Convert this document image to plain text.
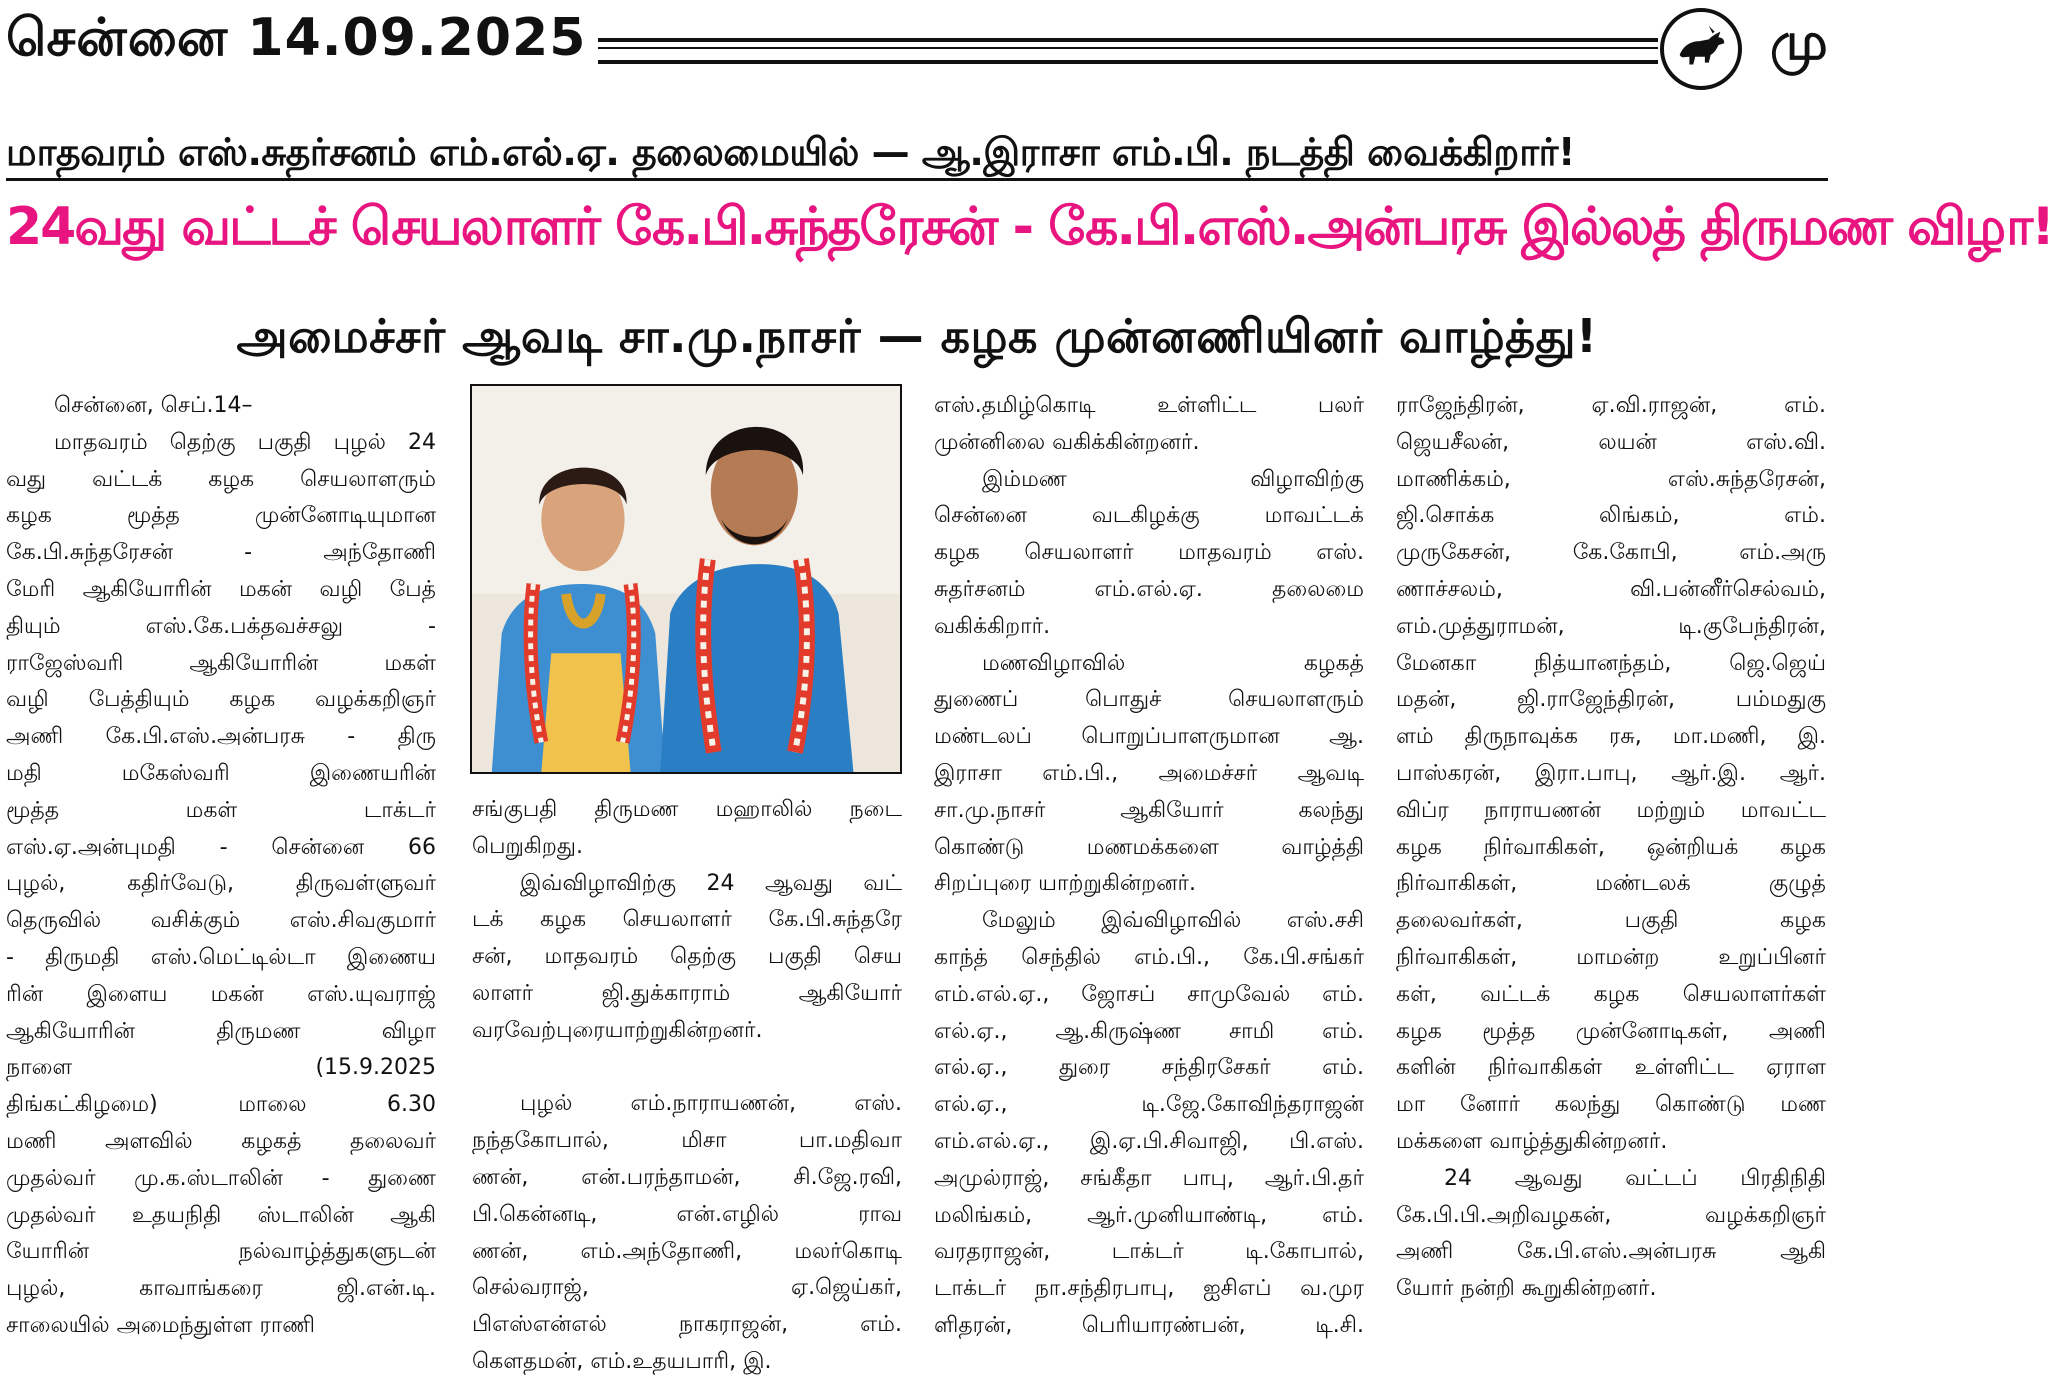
சென்னை 14.09.2025	மு
மாதவரம் எஸ்.சுதர்சனம் எம்.எல்.ஏ. தலைமையில் — ஆ.இராசா எம்.பி. நடத்தி வைக்கிறார்!
24வது வட்டச் செயலாளர் கே.பி.சுந்தரேசன் - கே.பி.எஸ்.அன்பரசு இல்லத் திருமண விழா!
அமைச்சர் ஆவடி சா.மு.நாசர் — கழக முன்னணியினர் வாழ்த்து!
சென்னை, செப்.14–
மாதவரம் தெற்கு பகுதி புழல் 24
வது வட்டக் கழக செயலாளரும்
கழக மூத்த முன்னோடியுமான
கே.பி.சுந்தரேசன் - அந்தோணி
மேரி ஆகியோரின் மகன் வழி பேத்
தியும் எஸ்.கே.பக்தவச்சலு -
ராஜேஸ்வரி ஆகியோரின் மகள்
வழி பேத்தியும் கழக வழக்கறிஞர்
அணி கே.பி.எஸ்.அன்பரசு - திரு
மதி மகேஸ்வரி இணையரின்
மூத்த மகள் டாக்டர்
எஸ்.ஏ.அன்புமதி - சென்னை 66
புழல், கதிர்வேடு, திருவள்ளுவர்
தெருவில் வசிக்கும் எஸ்.சிவகுமார்
- திருமதி எஸ்.மெட்டில்டா இணைய
ரின் இளைய மகன் எஸ்.யுவராஜ்
ஆகியோரின் திருமண விழா
நாளை (15.9.2025
திங்கட்கிழமை) மாலை 6.30
மணி அளவில் கழகத் தலைவர்
முதல்வர் மு.க.ஸ்டாலின் - துணை
முதல்வர் உதயநிதி ஸ்டாலின் ஆகி
யோரின் நல்வாழ்த்துகளுடன்
புழல், காவாங்கரை ஜி.என்.டி.
சாலையில் அமைந்துள்ள ராணி
சங்குபதி திருமண மஹாலில் நடை
பெறுகிறது.
இவ்விழாவிற்கு 24 ஆவது வட்
டக் கழக செயலாளர் கே.பி.சுந்தரே
சன், மாதவரம் தெற்கு பகுதி செய
லாளர் ஜி.துக்காராம் ஆகியோர்
வரவேற்புரையாற்றுகின்றனர்.
புழல் எம்.நாராயணன், எஸ்.
நந்தகோபால், மிசா பா.மதிவா
ணன், என்.பரந்தாமன், சி.ஜே.ரவி,
பி.கென்னடி, என்.எழில் ராவ
ணன், எம்.அந்தோணி, மலர்கொடி
செல்வராஜ், ஏ.ஜெய்கர்,
பிஎஸ்என்எல் நாகராஜன், எம்.
கௌதமன், எம்.உதயபாரி, இ.
எஸ்.தமிழ்கொடி உள்ளிட்ட பலர்
முன்னிலை வகிக்கின்றனர்.
இம்மண விழாவிற்கு
சென்னை வடகிழக்கு மாவட்டக்
கழக செயலாளர் மாதவரம் எஸ்.
சுதர்சனம் எம்.எல்.ஏ. தலைமை
வகிக்கிறார்.
மணவிழாவில் கழகத்
துணைப் பொதுச் செயலாளரும்
மண்டலப் பொறுப்பாளருமான ஆ.
இராசா எம்.பி., அமைச்சர் ஆவடி
சா.மு.நாசர் ஆகியோர் கலந்து
கொண்டு மணமக்களை வாழ்த்தி
சிறப்புரை யாற்றுகின்றனர்.
மேலும் இவ்விழாவில் எஸ்.சசி
காந்த் செந்தில் எம்.பி., கே.பி.சங்கர்
எம்.எல்.ஏ., ஜோசப் சாமுவேல் எம்.
எல்.ஏ., ஆ.கிருஷ்ண சாமி எம்.
எல்.ஏ., துரை சந்திரசேகர் எம்.
எல்.ஏ., டி.ஜே.கோவிந்தராஜன்
எம்.எல்.ஏ., இ.ஏ.பி.சிவாஜி, பி.எஸ்.
அமுல்ராஜ், சங்கீதா பாபு, ஆர்.பி.தர்
மலிங்கம், ஆர்.முனியாண்டி, எம்.
வரதராஜன், டாக்டர் டி.கோபால்,
டாக்டர் நா.சந்திரபாபு, ஐசிஎப் வ.முர
ளிதரன், பெரியாரண்பன், டி.சி.
ராஜேந்திரன், ஏ.வி.ராஜன், எம்.
ஜெயசீலன், லயன் எஸ்.வி.
மாணிக்கம், எஸ்.சுந்தரேசன்,
ஜி.சொக்க லிங்கம், எம்.
முருகேசன், கே.கோபி, எம்.அரு
ணாச்சலம், வி.பன்னீர்செல்வம்,
எம்.முத்துராமன், டி.குபேந்திரன்,
மேனகா நித்யானந்தம், ஜெ.ஜெய்
மதன், ஜி.ராஜேந்திரன், பம்மதுகு
ளம் திருநாவுக்க ரசு, மா.மணி, இ.
பாஸ்கரன், இரா.பாபு, ஆர்.இ. ஆர்.
விப்ர நாராயணன் மற்றும் மாவட்ட
கழக நிர்வாகிகள், ஒன்றியக் கழக
நிர்வாகிகள், மண்டலக் குழுத்
தலைவர்கள், பகுதி கழக
நிர்வாகிகள், மாமன்ற உறுப்பினர்
கள், வட்டக் கழக செயலாளர்கள்
கழக மூத்த முன்னோடிகள், அணி
களின் நிர்வாகிகள் உள்ளிட்ட ஏராள
மா னோர் கலந்து கொண்டு மண
மக்களை வாழ்த்துகின்றனர்.
24 ஆவது வட்டப் பிரதிநிதி
கே.பி.பி.அறிவழகன், வழக்கறிஞர்
அணி கே.பி.எஸ்.அன்பரசு ஆகி
யோர் நன்றி கூறுகின்றனர்.
